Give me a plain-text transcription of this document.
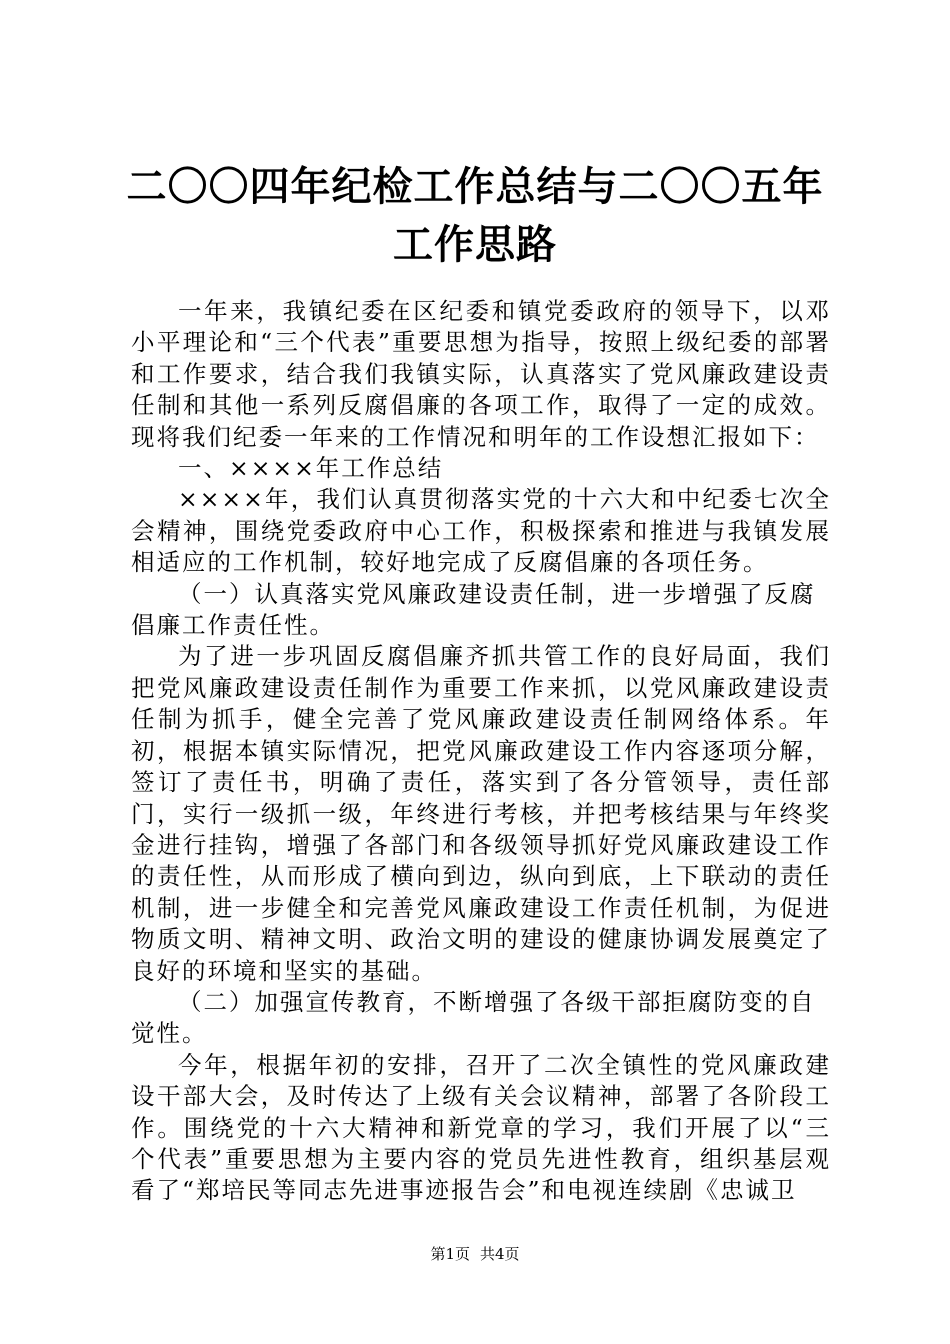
二〇〇四年纪检工作总结与二〇〇五年工作思路

一年来，我镇纪委在区纪委和镇党委政府的领导下，以邓小平理论和“三个代表”重要思想为指导，按照上级纪委的部署和工作要求，结合我们我镇实际，认真落实了党风廉政建设责任制和其他一系列反腐倡廉的各项工作，取得了一定的成效。现将我们纪委一年来的工作情况和明年的工作设想汇报如下：

一、××××年工作总结

××××年，我们认真贯彻落实党的十六大和中纪委七次全会精神，围绕党委政府中心工作，积极探索和推进与我镇发展相适应的工作机制，较好地完成了反腐倡廉的各项任务。

（一）认真落实党风廉政建设责任制，进一步增强了反腐倡廉工作责任性。

为了进一步巩固反腐倡廉齐抓共管工作的良好局面，我们把党风廉政建设责任制作为重要工作来抓，以党风廉政建设责任制为抓手，健全完善了党风廉政建设责任制网络体系。年初，根据本镇实际情况，把党风廉政建设工作内容逐项分解，签订了责任书，明确了责任，落实到了各分管领导，责任部门，实行一级抓一级，年终进行考核，并把考核结果与年终奖金进行挂钩，增强了各部门和各级领导抓好党风廉政建设工作的责任性，从而形成了横向到边，纵向到底，上下联动的责任机制，进一步健全和完善党风廉政建设工作责任机制，为促进物质文明、精神文明、政治文明的建设的健康协调发展奠定了良好的环境和坚实的基础。

（二）加强宣传教育，不断增强了各级干部拒腐防变的自觉性。

今年，根据年初的安排，召开了二次全镇性的党风廉政建设干部大会，及时传达了上级有关会议精神，部署了各阶段工作。围绕党的十六大精神和新党章的学习，我们开展了以“三个代表”重要思想为主要内容的党员先进性教育，组织基层观看了“郑培民等同志先进事迹报告会”和电视连续剧《忠诚卫

第1页 共4页
